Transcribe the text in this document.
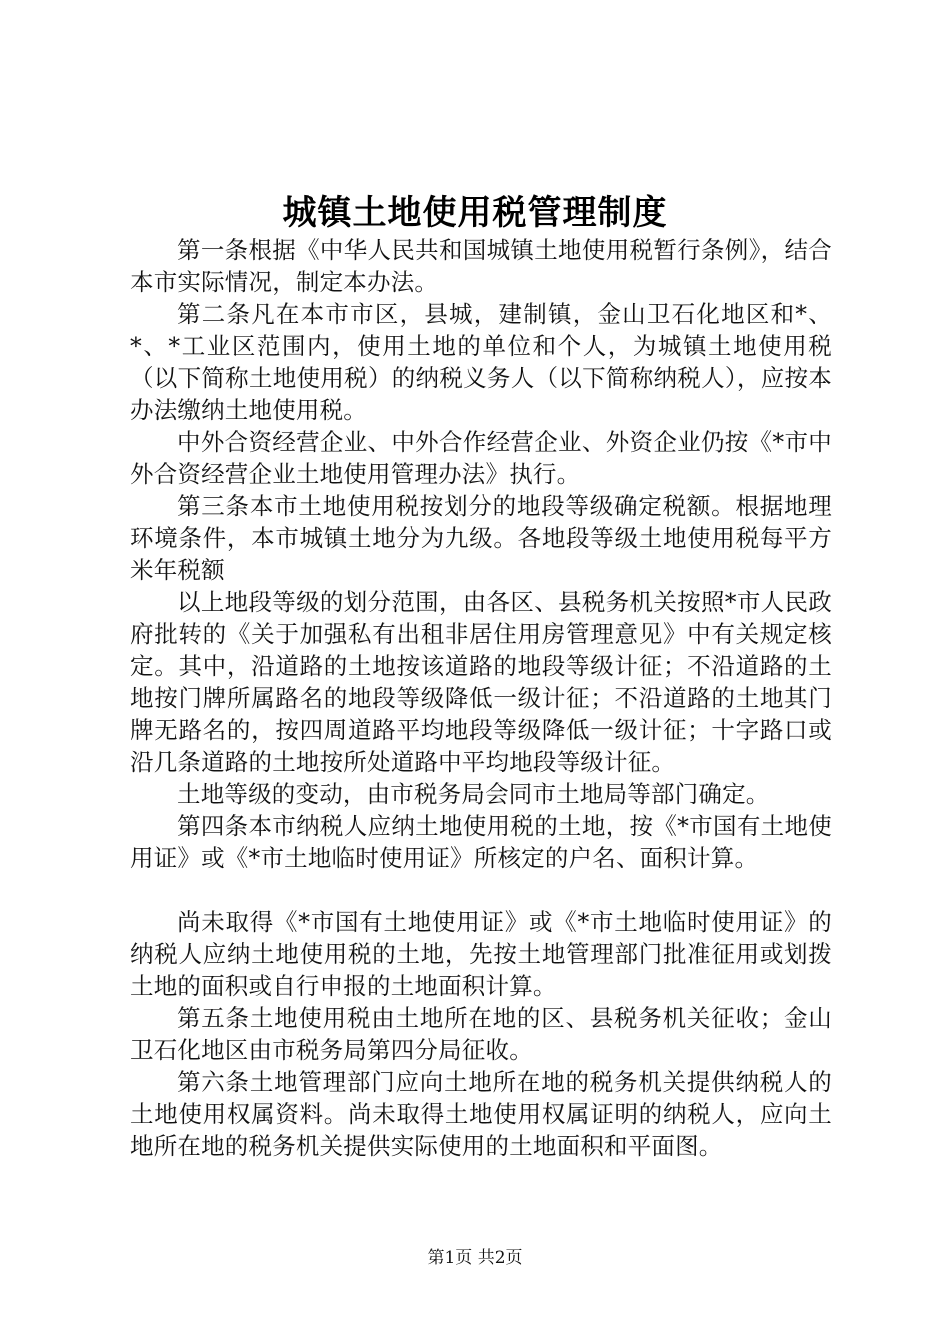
城镇土地使用税管理制度

第一条根据《中华人民共和国城镇土地使用税暂行条例》，结合本市实际情况，制定本办法。

第二条凡在本市市区，县城，建制镇，金山卫石化地区和*、*、*工业区范围内，使用土地的单位和个人，为城镇土地使用税（以下简称土地使用税）的纳税义务人（以下简称纳税人），应按本办法缴纳土地使用税。

中外合资经营企业、中外合作经营企业、外资企业仍按《*市中外合资经营企业土地使用管理办法》执行。

第三条本市土地使用税按划分的地段等级确定税额。根据地理环境条件，本市城镇土地分为九级。各地段等级土地使用税每平方米年税额

以上地段等级的划分范围，由各区、县税务机关按照*市人民政府批转的《关于加强私有出租非居住用房管理意见》中有关规定核定。其中，沿道路的土地按该道路的地段等级计征；不沿道路的土地按门牌所属路名的地段等级降低一级计征；不沿道路的土地其门牌无路名的，按四周道路平均地段等级降低一级计征；十字路口或沿几条道路的土地按所处道路中平均地段等级计征。

土地等级的变动，由市税务局会同市土地局等部门确定。

第四条本市纳税人应纳土地使用税的土地，按《*市国有土地使用证》或《*市土地临时使用证》所核定的户名、面积计算。

尚未取得《*市国有土地使用证》或《*市土地临时使用证》的纳税人应纳土地使用税的土地，先按土地管理部门批准征用或划拨土地的面积或自行申报的土地面积计算。

第五条土地使用税由土地所在地的区、县税务机关征收；金山卫石化地区由市税务局第四分局征收。

第六条土地管理部门应向土地所在地的税务机关提供纳税人的土地使用权属资料。尚未取得土地使用权属证明的纳税人，应向土地所在地的税务机关提供实际使用的土地面积和平面图。

第1页 共2页
